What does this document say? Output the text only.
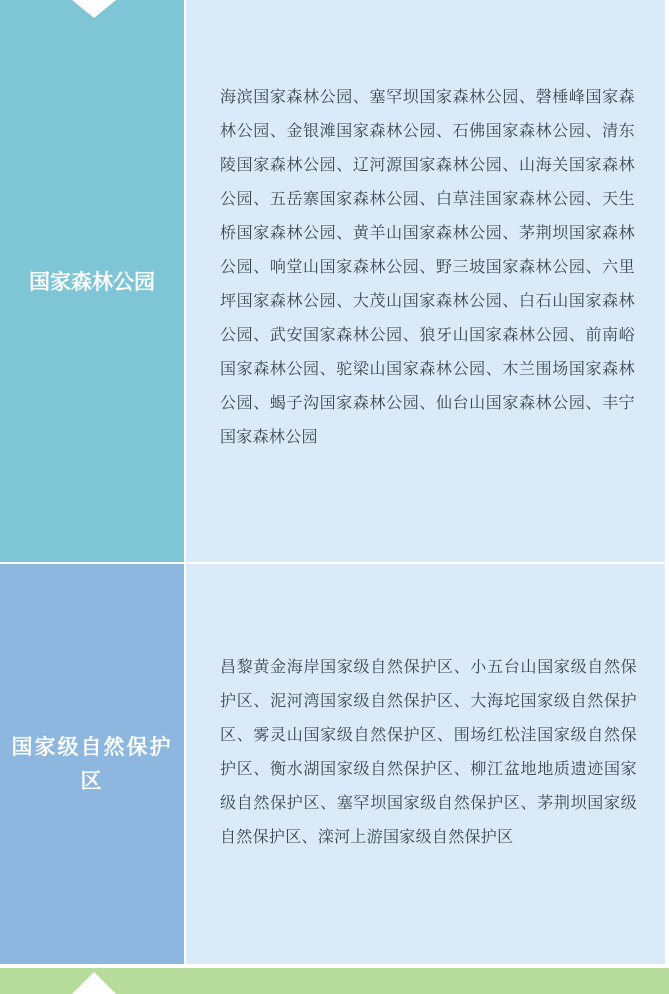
国家森林公园
海滨国家森林公园、塞罕坝国家森林公园、磬棰峰国家森林公园、金银滩国家森林公园、石佛国家森林公园、清东陵国家森林公园、辽河源国家森林公园、山海关国家森林公园、五岳寨国家森林公园、白草洼国家森林公园、天生桥国家森林公园、黄羊山国家森林公园、茅荆坝国家森林公园、响堂山国家森林公园、野三坡国家森林公园、六里坪国家森林公园、大茂山国家森林公园、白石山国家森林公园、武安国家森林公园、狼牙山国家森林公园、前南峪国家森林公园、驼梁山国家森林公园、木兰围场国家森林公园、蝎子沟国家森林公园、仙台山国家森林公园、丰宁国家森林公园
国家级自然保护区
昌黎黄金海岸国家级自然保护区、小五台山国家级自然保护区、泥河湾国家级自然保护区、大海坨国家级自然保护区、雾灵山国家级自然保护区、围场红松洼国家级自然保护区、衡水湖国家级自然保护区、柳江盆地地质遗迹国家级自然保护区、塞罕坝国家级自然保护区、茅荆坝国家级自然保护区、滦河上游国家级自然保护区
